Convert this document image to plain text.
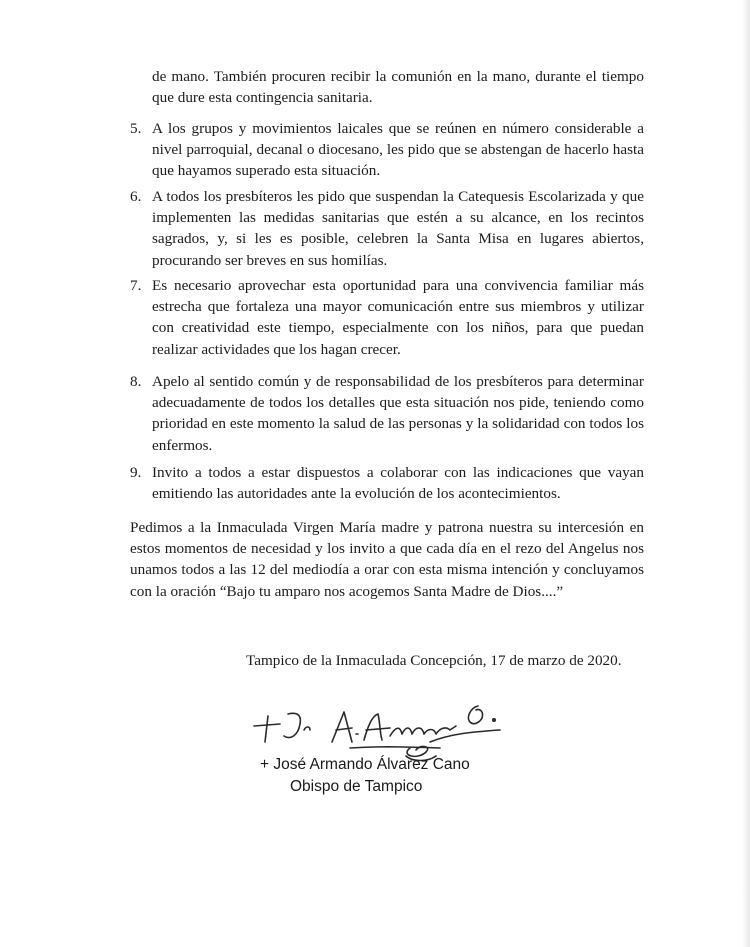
de mano. También procuren recibir la comunión en la mano, durante el tiempo que dure esta contingencia sanitaria.
5. A los grupos y movimientos laicales que se reúnen en número considerable a nivel parroquial, decanal o diocesano, les pido que se abstengan de hacerlo hasta que hayamos superado esta situación.
6. A todos los presbíteros les pido que suspendan la Catequesis Escolarizada y que implementen las medidas sanitarias que estén a su alcance, en los recintos sagrados, y, si les es posible, celebren la Santa Misa en lugares abiertos, procurando ser breves en sus homilías.
7. Es necesario aprovechar esta oportunidad para una convivencia familiar más estrecha que fortaleza una mayor comunicación entre sus miembros y utilizar con creatividad este tiempo, especialmente con los niños, para que puedan realizar actividades que los hagan crecer.
8. Apelo al sentido común y de responsabilidad de los presbíteros para determinar adecuadamente de todos los detalles que esta situación nos pide, teniendo como prioridad en este momento la salud de las personas y la solidaridad con todos los enfermos.
9. Invito a todos a estar dispuestos a colaborar con las indicaciones que vayan emitiendo las autoridades ante la evolución de los acontecimientos.
Pedimos a la Inmaculada Virgen María madre y patrona nuestra su intercesión en estos momentos de necesidad y los invito a que cada día en el rezo del Angelus nos unamos todos a las 12 del mediodía a orar con esta misma intención y concluyamos con la oración “Bajo tu amparo nos acogemos Santa Madre de Dios....”
Tampico de la Inmaculada Concepción, 17 de marzo de 2020.
+ José Armando Álvarez Cano
Obispo de Tampico
